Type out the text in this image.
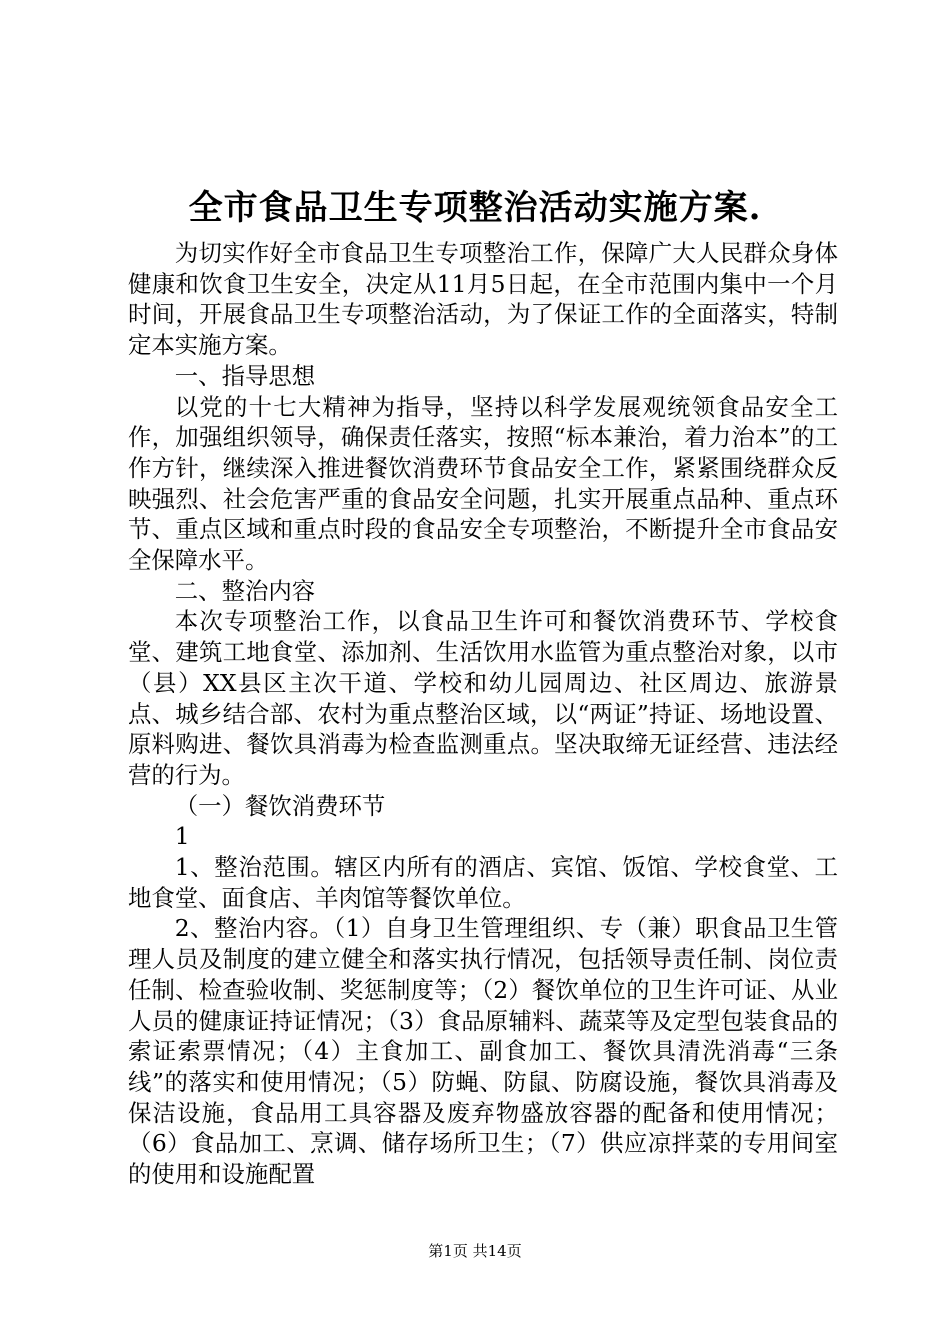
全市食品卫生专项整治活动实施方案.

为切实作好全市食品卫生专项整治工作，保障广大人民群众身体健康和饮食卫生安全，决定从11月5日起，在全市范围内集中一个月时间，开展食品卫生专项整治活动，为了保证工作的全面落实，特制定本实施方案。

一、指导思想

以党的十七大精神为指导，坚持以科学发展观统领食品安全工作，加强组织领导，确保责任落实，按照“标本兼治，着力治本”的工作方针，继续深入推进餐饮消费环节食品安全工作，紧紧围绕群众反映强烈、社会危害严重的食品安全问题，扎实开展重点品种、重点环节、重点区域和重点时段的食品安全专项整治，不断提升全市食品安全保障水平。

二、整治内容

本次专项整治工作，以食品卫生许可和餐饮消费环节、学校食堂、建筑工地食堂、添加剂、生活饮用水监管为重点整治对象，以市（县）XX县区主次干道、学校和幼儿园周边、社区周边、旅游景点、城乡结合部、农村为重点整治区域，以“两证”持证、场地设置、原料购进、餐饮具消毒为检查监测重点。坚决取缔无证经营、违法经营的行为。

（一）餐饮消费环节

1

1、整治范围。辖区内所有的酒店、宾馆、饭馆、学校食堂、工地食堂、面食店、羊肉馆等餐饮单位。

2、整治内容。（1）自身卫生管理组织、专（兼）职食品卫生管理人员及制度的建立健全和落实执行情况，包括领导责任制、岗位责任制、检查验收制、奖惩制度等；（2）餐饮单位的卫生许可证、从业人员的健康证持证情况；（3）食品原辅料、蔬菜等及定型包装食品的索证索票情况；（4）主食加工、副食加工、餐饮具清洗消毒“三条线”的落实和使用情况；（5）防蝇、防鼠、防腐设施，餐饮具消毒及保洁设施，食品用工具容器及废弃物盛放容器的配备和使用情况；（6）食品加工、烹调、储存场所卫生；（7）供应凉拌菜的专用间室的使用和设施配置

第1页 共14页
